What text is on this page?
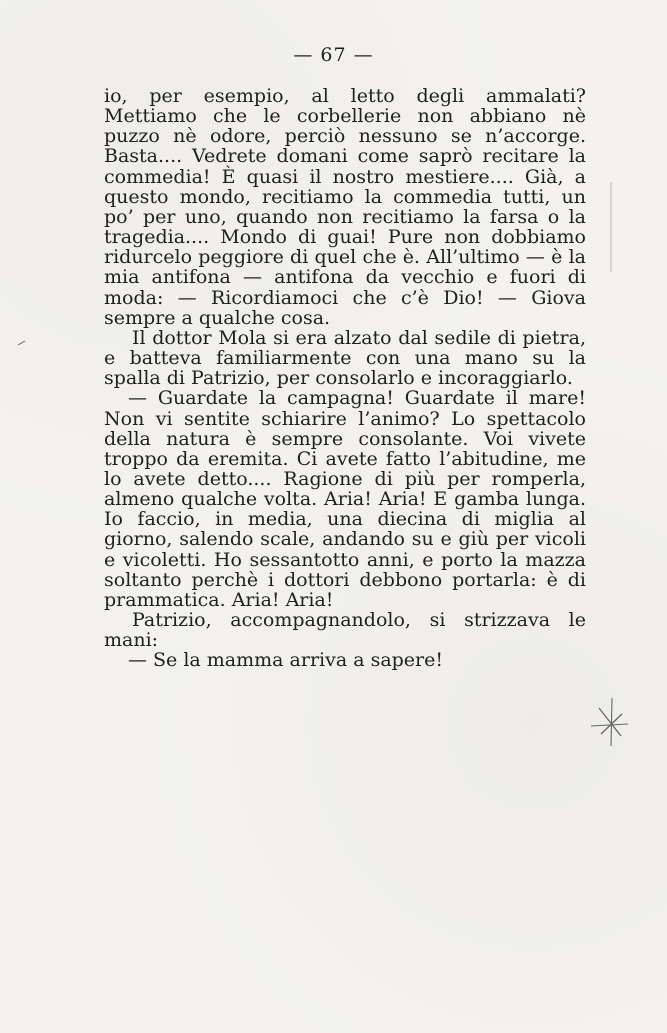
— 67 —

io, per esempio, al letto degli ammalati? Mettiamo che le corbellerie non abbiano nè puzzo nè odore, perciò nessuno se n’accorge. Basta.... Vedrete domani come saprò recitare la commedia! È quasi il nostro mestiere.... Già, a questo mondo, recitiamo la commedia tutti, un po’ per uno, quando non recitiamo la farsa o la tragedia.... Mondo di guai! Pure non dobbiamo ridurcelo peggiore di quel che è. All’ultimo — è la mia antifona — antifona da vecchio e fuori di moda: — Ricordiamoci che c’è Dio! — Giova sempre a qualche cosa.

Il dottor Mola si era alzato dal sedile di pietra, e batteva familiarmente con una mano su la spalla di Patrizio, per consolarlo e incoraggiarlo.

— Guardate la campagna! Guardate il mare! Non vi sentite schiarire l’animo? Lo spettacolo della natura è sempre consolante. Voi vivete troppo da eremita. Ci avete fatto l’abitudine, me lo avete detto.... Ragione di più per romperla, almeno qualche volta. Aria! Aria! E gamba lunga. Io faccio, in media, una diecina di miglia al giorno, salendo scale, andando su e giù per vicoli e vicoletti. Ho sessantotto anni, e porto la mazza soltanto perchè i dottori debbono portarla: è di prammatica. Aria! Aria!

Patrizio, accompagnandolo, si strizzava le mani:

— Se la mamma arriva a sapere!
